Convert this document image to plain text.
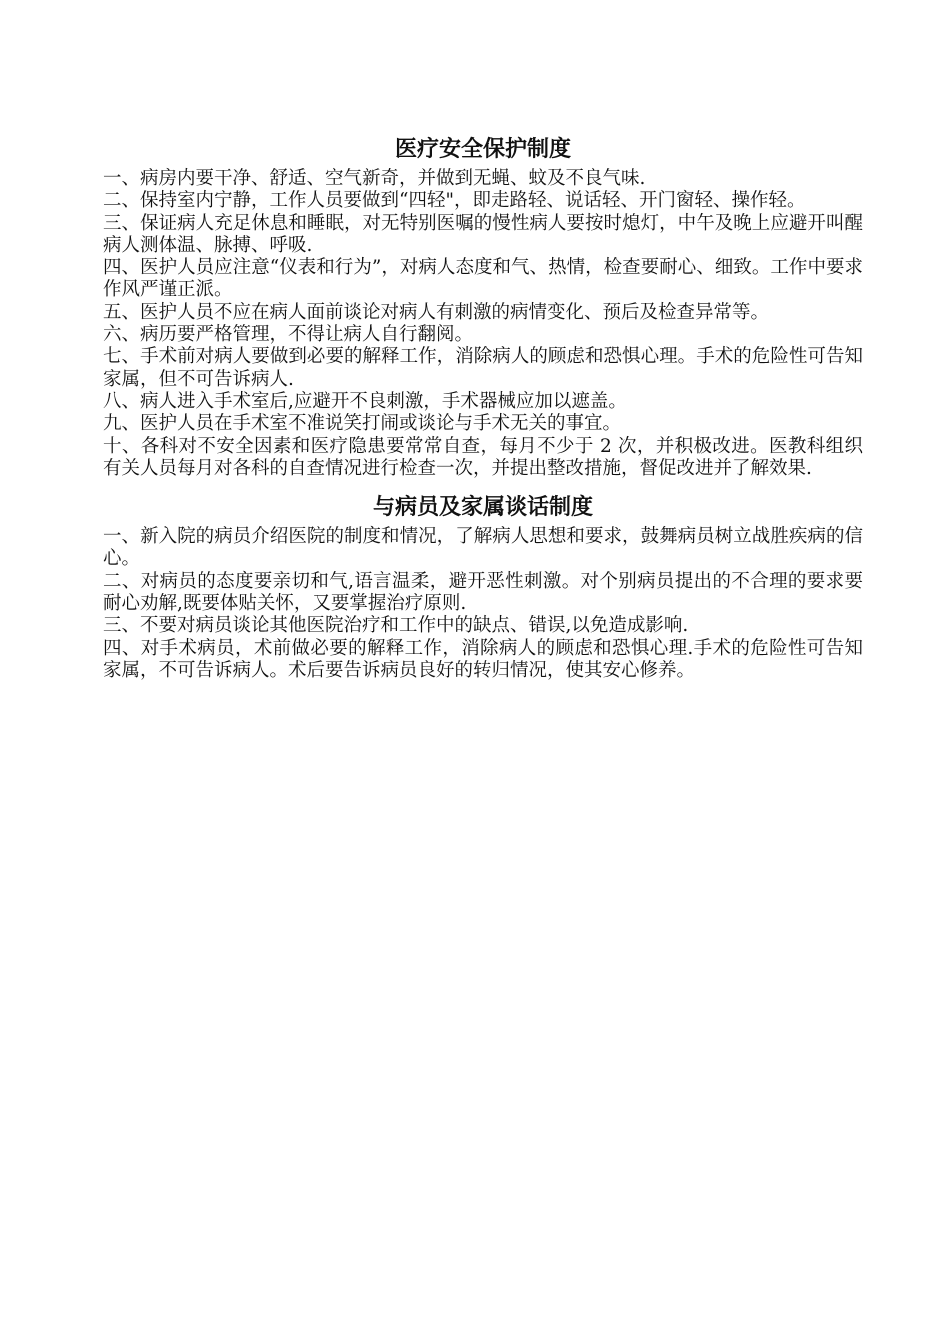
医疗安全保护制度

一、病房内要干净、舒适、空气新奇，并做到无蝇、蚊及不良气味.

二、保持室内宁静，工作人员要做到“四轻"，即走路轻、说话轻、开门窗轻、操作轻。

三、保证病人充足休息和睡眠，对无特别医嘱的慢性病人要按时熄灯，中午及晚上应避开叫醒病人测体温、脉搏、呼吸.

四、医护人员应注意“仪表和行为”，对病人态度和气、热情，检查要耐心、细致。工作中要求作风严谨正派。

五、医护人员不应在病人面前谈论对病人有刺激的病情变化、预后及检查异常等。

六、病历要严格管理，不得让病人自行翻阅。

七、手术前对病人要做到必要的解释工作，消除病人的顾虑和恐惧心理。手术的危险性可告知家属，但不可告诉病人.

八、病人进入手术室后,应避开不良刺激，手术器械应加以遮盖。

九、医护人员在手术室不准说笑打闹或谈论与手术无关的事宜。

十、各科对不安全因素和医疗隐患要常常自查，每月不少于 2 次，并积极改进。医教科组织有关人员每月对各科的自查情况进行检查一次，并提出整改措施，督促改进并了解效果.

与病员及家属谈话制度

一、新入院的病员介绍医院的制度和情况，了解病人思想和要求，鼓舞病员树立战胜疾病的信心。

二、对病员的态度要亲切和气,语言温柔，避开恶性刺激。对个别病员提出的不合理的要求要耐心劝解,既要体贴关怀，又要掌握治疗原则.

三、不要对病员谈论其他医院治疗和工作中的缺点、错误,以免造成影响.

四、对手术病员，术前做必要的解释工作，消除病人的顾虑和恐惧心理.手术的危险性可告知家属，不可告诉病人。术后要告诉病员良好的转归情况，使其安心修养。
